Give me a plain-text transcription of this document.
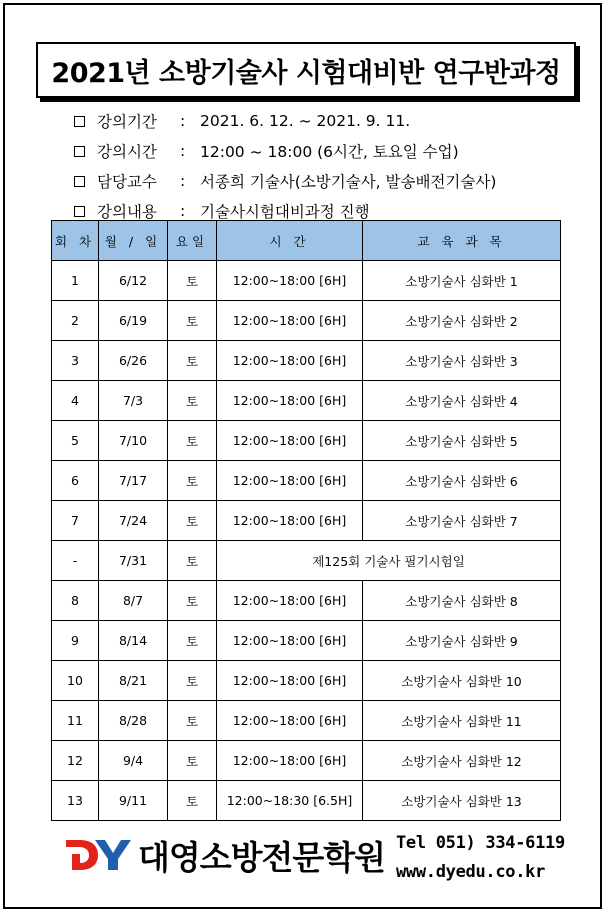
2021년 소방기술사 시험대비반 연구반과정
강의기간	: 2021. 6. 12. ~ 2021. 9. 11.
강의시간	: 12:00 ~ 18:00 (6시간, 토요일 수업)
담당교수	: 서종희 기술사(소방기술사, 발송배전기술사)
강의내용	: 기술사시험대비과정 진행
회 차	월 / 일	요일	시 간	교 육 과 목
1	6/12	토	12:00~18:00 [6H]	소방기술사 심화반 1
2	6/19	토	12:00~18:00 [6H]	소방기술사 심화반 2
3	6/26	토	12:00~18:00 [6H]	소방기술사 심화반 3
4	7/3	토	12:00~18:00 [6H]	소방기술사 심화반 4
5	7/10	토	12:00~18:00 [6H]	소방기술사 심화반 5
6	7/17	토	12:00~18:00 [6H]	소방기술사 심화반 6
7	7/24	토	12:00~18:00 [6H]	소방기술사 심화반 7
-	7/31	토	제125회 기술사 필기시험일	
8	8/7	토	12:00~18:00 [6H]	소방기술사 심화반 8
9	8/14	토	12:00~18:00 [6H]	소방기술사 심화반 9
10	8/21	토	12:00~18:00 [6H]	소방기술사 심화반 10
11	8/28	토	12:00~18:00 [6H]	소방기술사 심화반 11
12	9/4	토	12:00~18:00 [6H]	소방기술사 심화반 12
13	9/11	토	12:00~18:30 [6.5H]	소방기술사 심화반 13
대영소방전문학원 Tel 051) 334-6119
www.dyedu.co.kr
